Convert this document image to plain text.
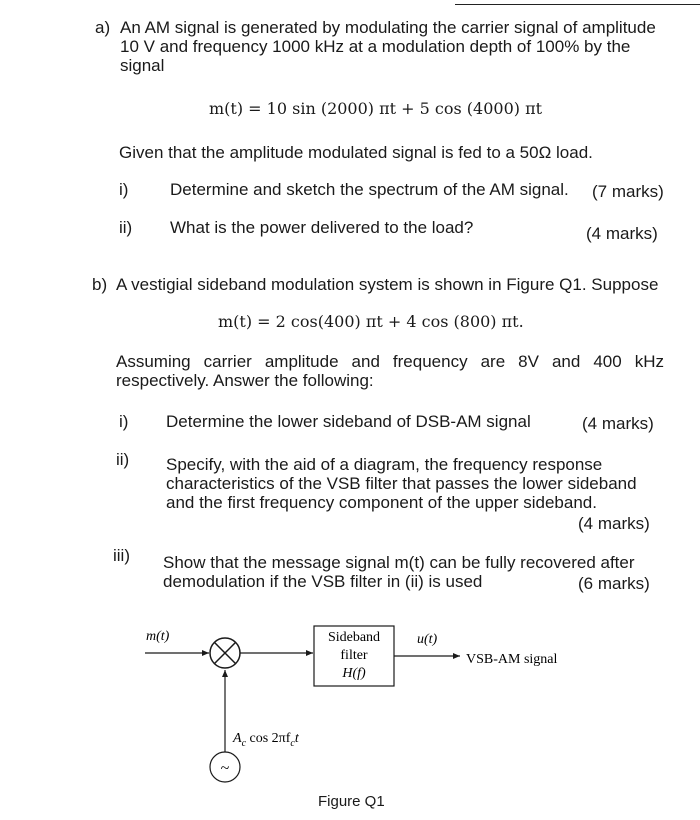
a) An AM signal is generated by modulating the carrier signal of amplitude
10 V and frequency 1000 kHz at a modulation depth of 100% by the
signal
m(t) = 10 sin (2000) πt + 5 cos (4000) πt
Given that the amplitude modulated signal is fed to a 50Ω load.
i) Determine and sketch the spectrum of the AM signal. (7 marks)
ii) What is the power delivered to the load?	(4 marks)
b) A vestigial sideband modulation system is shown in Figure Q1. Suppose
m(t) = 2 cos(400) πt + 4 cos (800) πt.
Assuming carrier amplitude and frequency are 8V and 400 kHz
respectively. Answer the following:
i) Determine the lower sideband of DSB-AM signal	(4 marks)
ii) Specify, with the aid of a diagram, the frequency response
characteristics of the VSB filter that passes the lower sideband
and the first frequency component of the upper sideband.
(4 marks)
iii) Show that the message signal m(t) can be fully recovered after
demodulation if the VSB filter in (ii) is used	(6 marks)
~
m(t)	Sideband
filter
H(f)
u(t)
VSB-AM signal
$A_c$ $\cos 2\pi f_ct$
Figure Q1
